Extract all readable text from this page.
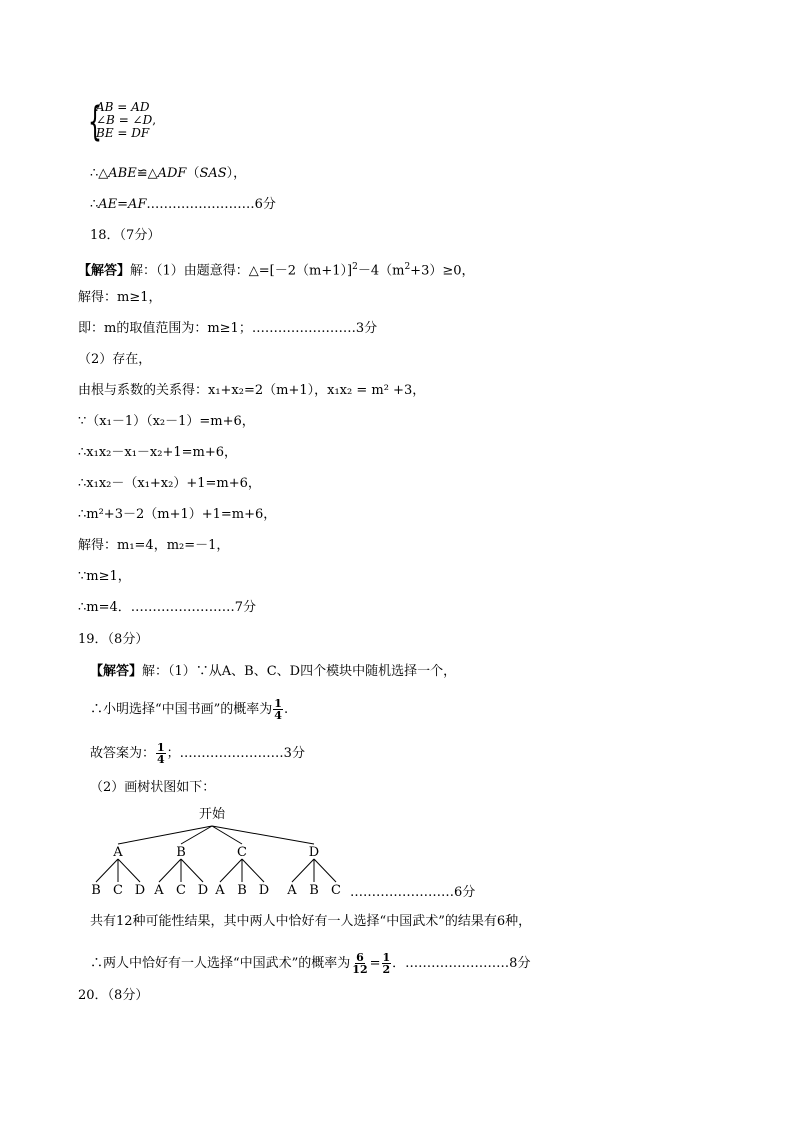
{
AB = AD
∠B = ∠D,
BE = DF
∴△ABE≌△ADF（SAS），
∴AE=AF.……………………6分
18．（7分）
【解答】解：（1）由题意得：$\triangle=[-2(m+1)]^2-4(m^2+3)\ge 0$，
解得：m≥1，
即：m的取值范围为：m≥1；……………………3分
（2）存在，
由根与系数的关系得：x₁+x₂=2（m+1），x₁x₂ = m² +3，
∵（x₁－1）（x₂－1）=m+6，
∴x₁x₂－x₁－x₂+1=m+6，
∴x₁x₂－（x₁+x₂）+1=m+6，
∴m²+3－2（m+1）+1=m+6，
解得：m₁=4，m₂=－1，
∵m≥1，
∴m=4．……………………7分
19．（8分）
【解答】解：（1）∵从A、B、C、D四个模块中随机选择一个，
∴小明选择“中国书画”的概率为 $\frac{1}{4}$ .
故答案为： $\frac{1}{4}$ ；……………………3分
（2）画树状图如下：
开始
A
B C D
B
A C D
C
A B D
D
A B C ……………………6分
共有12种可能性结果，其中两人中恰好有一人选择“中国武术”的结果有6种，
∴两人中恰好有一人选择“中国武术”的概率为 $\frac{6}{12} = \frac{1}{2}$ ．……………………8分
20．（8分）
